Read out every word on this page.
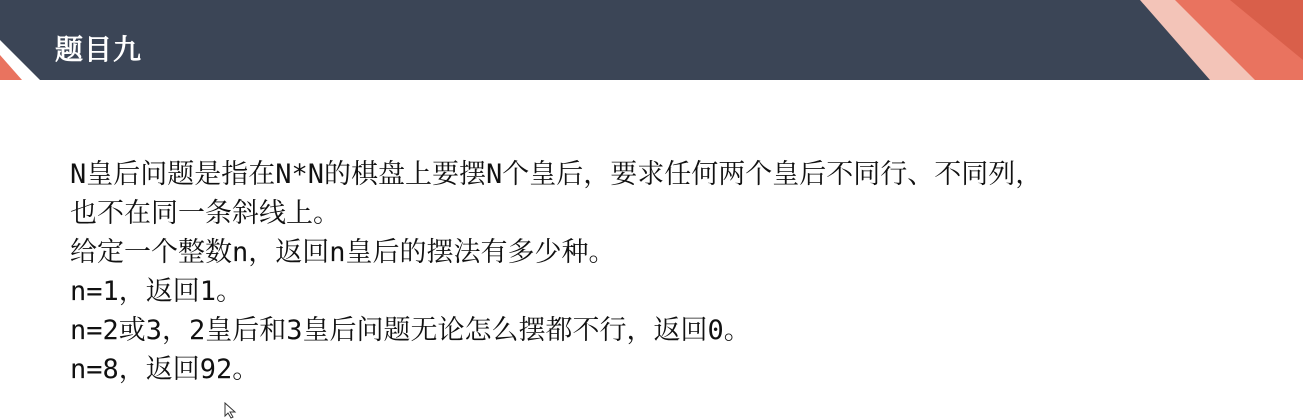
题目九
N皇后问题是指在N*N的棋盘上要摆N个皇后，要求任何两个皇后不同行、不同列，
也不在同一条斜线上。
给定一个整数n，返回n皇后的摆法有多少种。
n=1，返回1。
n=2或3，2皇后和3皇后问题无论怎么摆都不行，返回0。
n=8，返回92。
